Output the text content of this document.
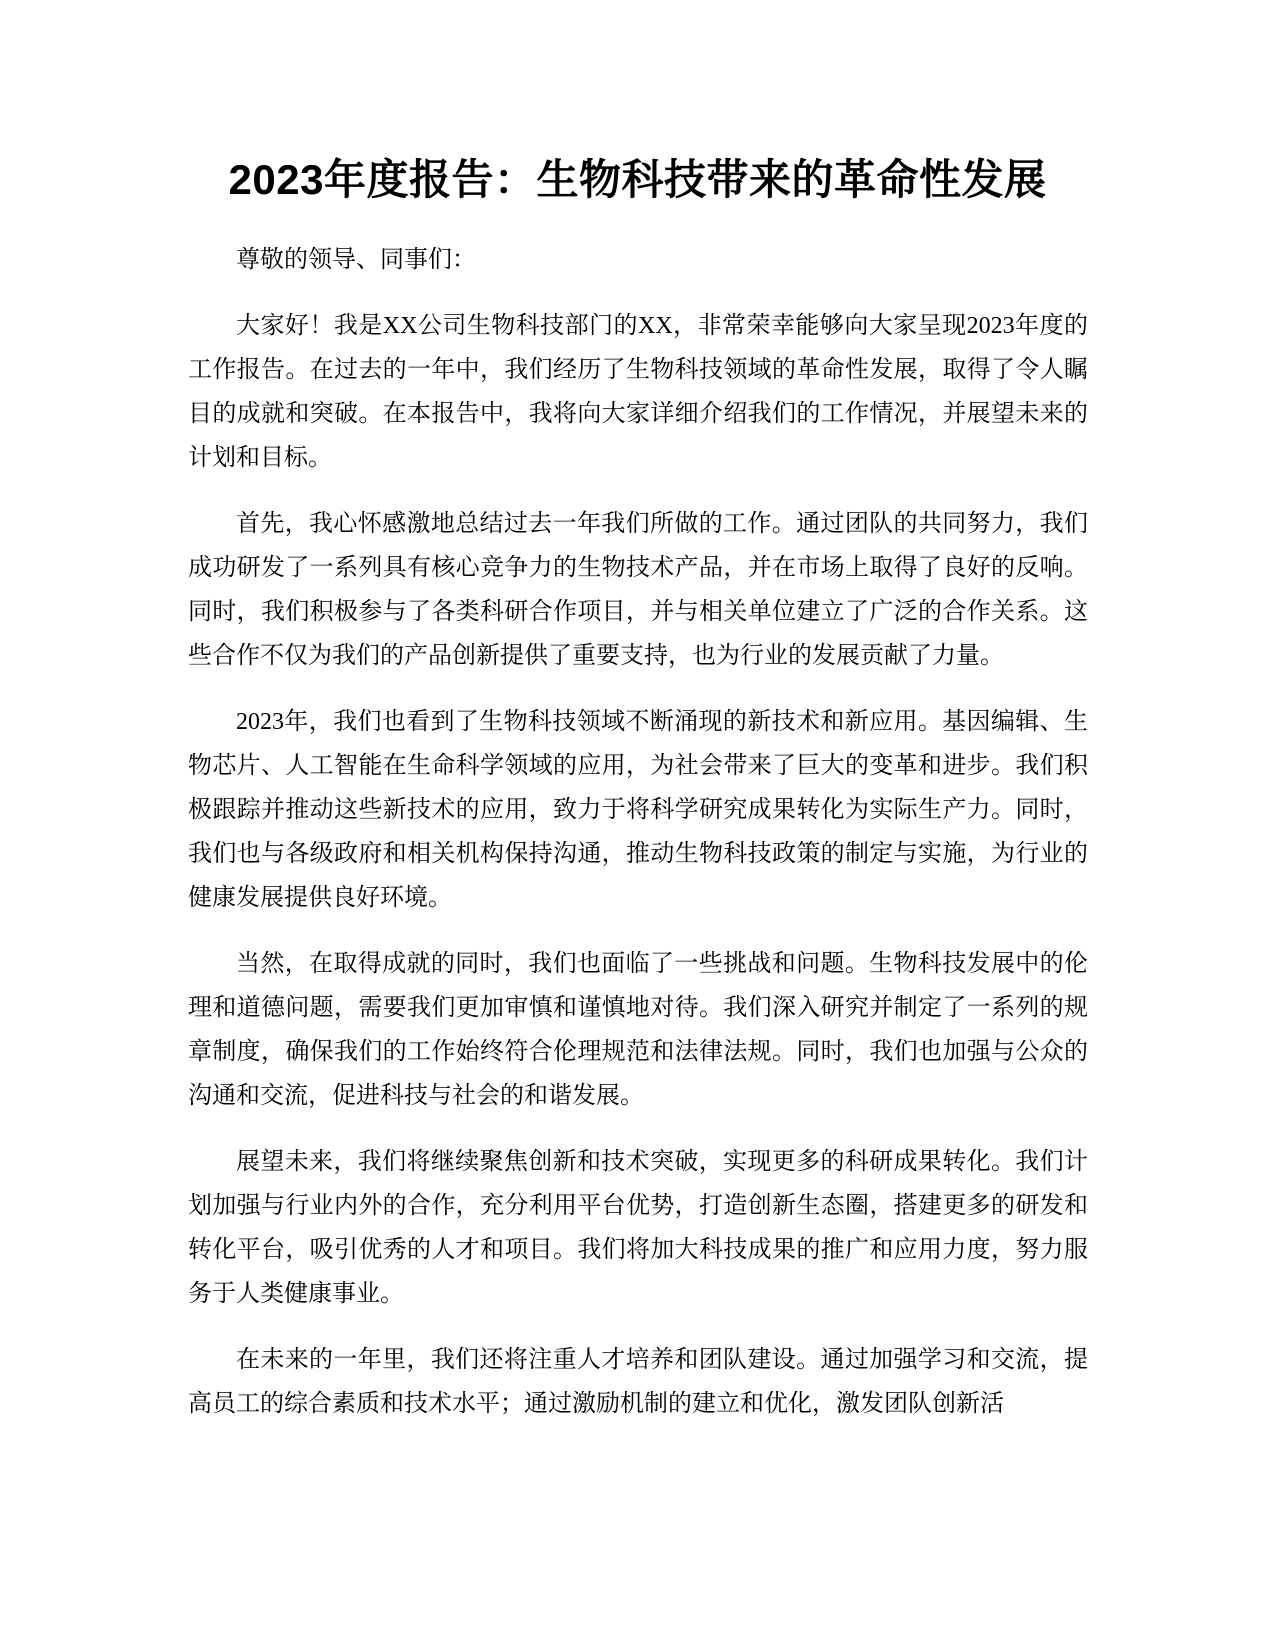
2023年度报告：生物科技带来的革命性发展

尊敬的领导、同事们：

大家好！我是XX公司生物科技部门的XX，非常荣幸能够向大家呈现2023年度的工作报告。在过去的一年中，我们经历了生物科技领域的革命性发展，取得了令人瞩目的成就和突破。在本报告中，我将向大家详细介绍我们的工作情况，并展望未来的计划和目标。

首先，我心怀感激地总结过去一年我们所做的工作。通过团队的共同努力，我们成功研发了一系列具有核心竞争力的生物技术产品，并在市场上取得了良好的反响。同时，我们积极参与了各类科研合作项目，并与相关单位建立了广泛的合作关系。这些合作不仅为我们的产品创新提供了重要支持，也为行业的发展贡献了力量。

2023年，我们也看到了生物科技领域不断涌现的新技术和新应用。基因编辑、生物芯片、人工智能在生命科学领域的应用，为社会带来了巨大的变革和进步。我们积极跟踪并推动这些新技术的应用，致力于将科学研究成果转化为实际生产力。同时，我们也与各级政府和相关机构保持沟通，推动生物科技政策的制定与实施，为行业的健康发展提供良好环境。

当然，在取得成就的同时，我们也面临了一些挑战和问题。生物科技发展中的伦理和道德问题，需要我们更加审慎和谨慎地对待。我们深入研究并制定了一系列的规章制度，确保我们的工作始终符合伦理规范和法律法规。同时，我们也加强与公众的沟通和交流，促进科技与社会的和谐发展。

展望未来，我们将继续聚焦创新和技术突破，实现更多的科研成果转化。我们计划加强与行业内外的合作，充分利用平台优势，打造创新生态圈，搭建更多的研发和转化平台，吸引优秀的人才和项目。我们将加大科技成果的推广和应用力度，努力服务于人类健康事业。

在未来的一年里，我们还将注重人才培养和团队建设。通过加强学习和交流，提高员工的综合素质和技术水平；通过激励机制的建立和优化，激发团队创新活
